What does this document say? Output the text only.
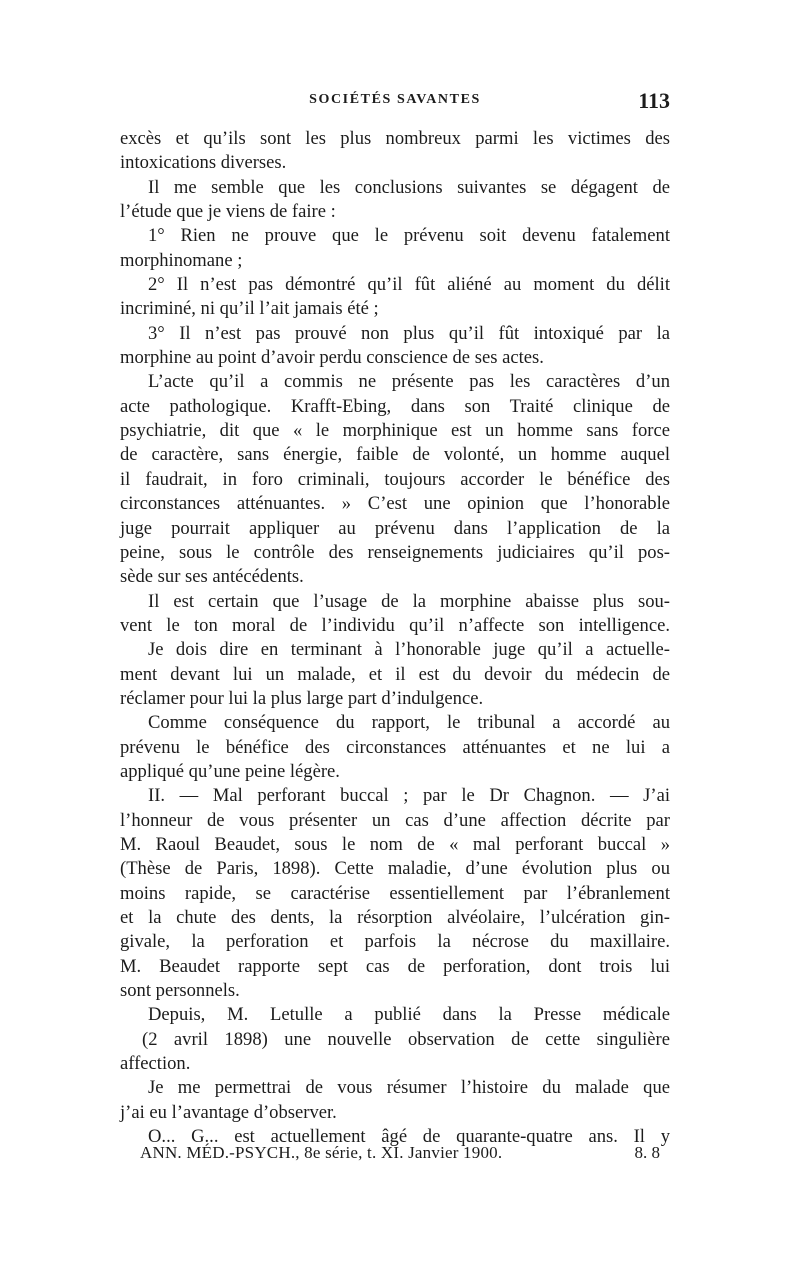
SOCIÉTÉS SAVANTES	113
excès et qu’ils sont les plus nombreux parmi les victimes des
intoxications diverses.
Il me semble que les conclusions suivantes se dégagent de
l’étude que je viens de faire :
1° Rien ne prouve que le prévenu soit devenu fatalement
morphinomane ;
2° Il n’est pas démontré qu’il fût aliéné au moment du délit
incriminé, ni qu’il l’ait jamais été ;
3° Il n’est pas prouvé non plus qu’il fût intoxiqué par la
morphine au point d’avoir perdu conscience de ses actes.
L’acte qu’il a commis ne présente pas les caractères d’un
acte pathologique. Krafft-Ebing, dans son Traité clinique de
psychiatrie, dit que « le morphinique est un homme sans force
de caractère, sans énergie, faible de volonté, un homme auquel
il faudrait, in foro criminali, toujours accorder le bénéfice des
circonstances atténuantes. » C’est une opinion que l’honorable
juge pourrait appliquer au prévenu dans l’application de la
peine, sous le contrôle des renseignements judiciaires qu’il pos-
sède sur ses antécédents.
Il est certain que l’usage de la morphine abaisse plus sou-
vent le ton moral de l’individu qu’il n’affecte son intelligence.
Je dois dire en terminant à l’honorable juge qu’il a actuelle-
ment devant lui un malade, et il est du devoir du médecin de
réclamer pour lui la plus large part d’indulgence.
Comme conséquence du rapport, le tribunal a accordé au
prévenu le bénéfice des circonstances atténuantes et ne lui a
appliqué qu’une peine légère.
II. — Mal perforant buccal ; par le Dr Chagnon. — J’ai
l’honneur de vous présenter un cas d’une affection décrite par
M. Raoul Beaudet, sous le nom de « mal perforant buccal »
(Thèse de Paris, 1898). Cette maladie, d’une évolution plus ou
moins rapide, se caractérise essentiellement par l’ébranlement
et la chute des dents, la résorption alvéolaire, l’ulcération gin-
givale, la perforation et parfois la nécrose du maxillaire.
M. Beaudet rapporte sept cas de perforation, dont trois lui
sont personnels.
Depuis, M. Letulle a publié dans la Presse médicale
(2 avril 1898) une nouvelle observation de cette singulière
affection.
Je me permettrai de vous résumer l’histoire du malade que
j’ai eu l’avantage d’observer.
O... G... est actuellement âgé de quarante-quatre ans. Il y
ANN. MÉD.-PSYCH., 8e série, t. XI. Janvier 1900.	8. 8
